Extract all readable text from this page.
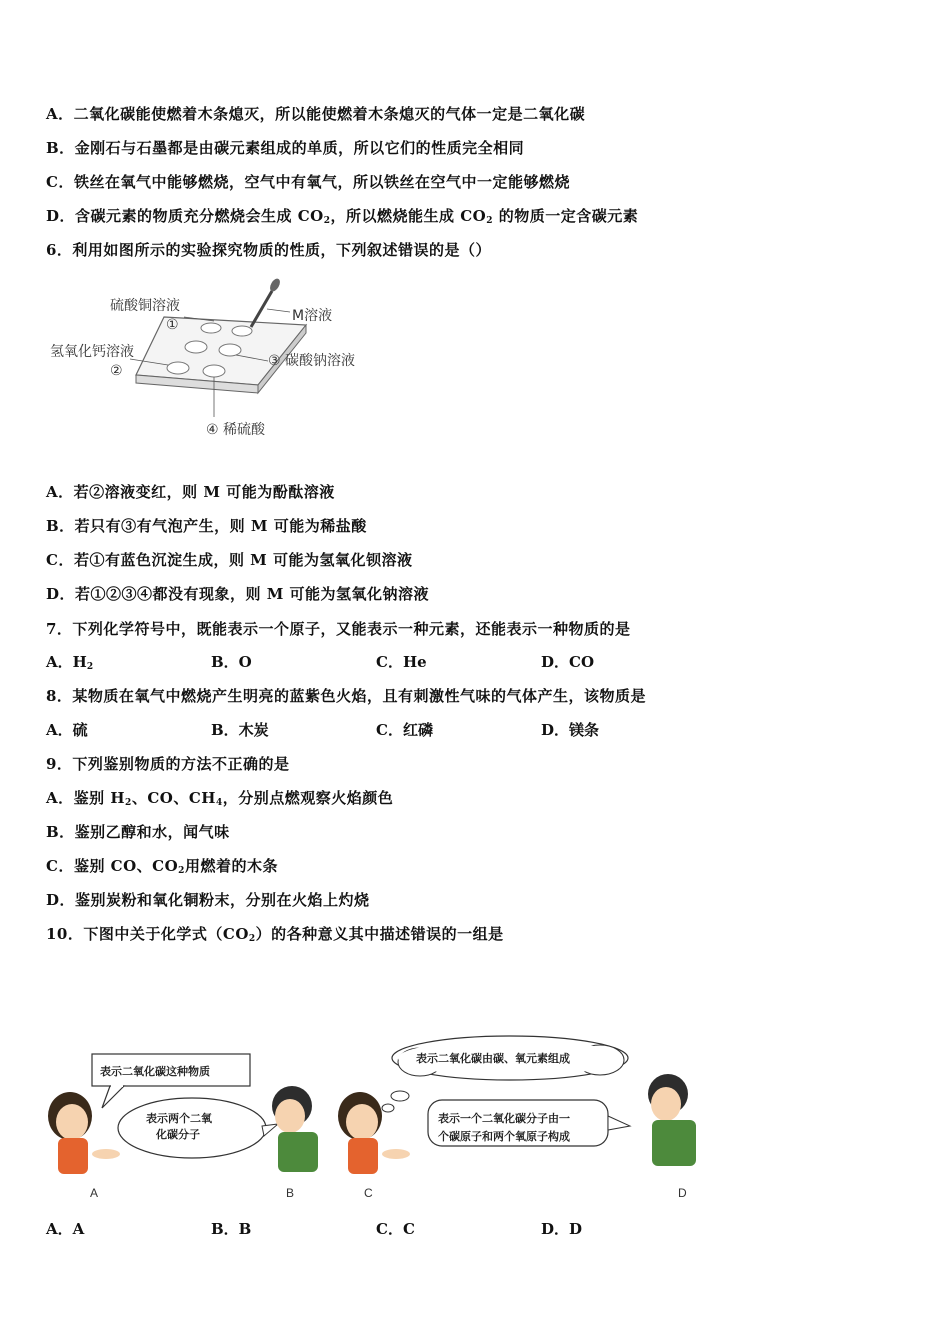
A．二氧化碳能使燃着木条熄灭，所以能使燃着木条熄灭的气体一定是二氧化碳
B．金刚石与石墨都是由碳元素组成的单质，所以它们的性质完全相同
C．铁丝在氧气中能够燃烧，空气中有氧气，所以铁丝在空气中一定能够燃烧
D．含碳元素的物质充分燃烧会生成 $CO_2$，所以燃烧能生成 $CO_2$ 的物质一定含碳元素
6．利用如图所示的实验探究物质的性质，下列叙述错误的是（）
硫酸铜溶液
①
M溶液
氢氧化钙溶液
②
③ 碳酸钠溶液
④ 稀硫酸
A．若②溶液变红，则 M 可能为酚酞溶液
B．若只有③有气泡产生，则 M 可能为稀盐酸
C．若①有蓝色沉淀生成，则 M 可能为氢氧化钡溶液
D．若①②③④都没有现象，则 M 可能为氢氧化钠溶液
7．下列化学符号中，既能表示一个原子，又能表示一种元素，还能表示一种物质的是
A．$H_2$	B．O	C．He	D．CO
8．某物质在氧气中燃烧产生明亮的蓝紫色火焰，且有刺激性气味的气体产生，该物质是
A．硫	B．木炭	C．红磷	D．镁条
9．下列鉴别物质的方法不正确的是
A．鉴别 $H_2$、CO、$CH_4$，分别点燃观察火焰颜色
B．鉴别乙醇和水，闻气味
C．鉴别 CO、$CO_2$用燃着的木条
D．鉴别炭粉和氧化铜粉末，分别在火焰上灼烧
10．下图中关于化学式$(CO_2)$的各种意义其中描述错误的一组是
表示二氧化碳这种物质
表示两个二氧
化碳分子
表示二氧化碳由碳、氧元素组成
表示一个二氧化碳分子由一
个碳原子和两个氧原子构成
A	B	C	D
A．A	B．B	C．C	D．D
